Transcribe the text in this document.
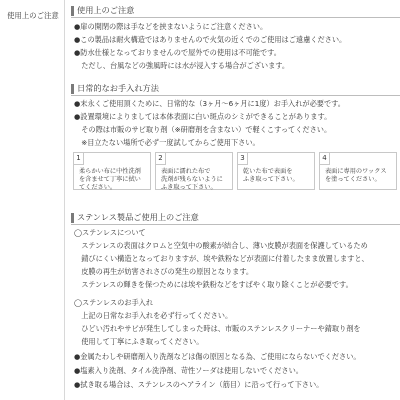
使用上のご注意
使用上のご注意
●扉の開閉の際は手などを挟まないようにご注意ください。
●この製品は耐火構造ではありませんので火気の近くでのご使用はご遠慮ください。
●防水仕様となっておりませんので屋外での使用は不可能です。
　ただし、台風などの強風時には水が浸入する場合がございます。
日常的なお手入れ方法
●末永くご使用頂くために、日常的な（3ヶ月〜6ヶ月に1度）お手入れが必要です。
●設置環境によりましては本体表面に白い斑点のシミができることがあります。
　その際は市販のサビ取り剤（※研磨剤を含まない）で軽くこすってください。
　※目立たない場所で必ず一度試してからご使用下さい。
1
柔らかい布に中性洗剤
を含ませて丁寧に拭い
てください。
2
表面に濡れた布で
洗剤が残らないように
ふき取って下さい。
3
乾いた布で表面を
ふき取って下さい。
4
表面に専用のワックス
を塗ってください。
ステンレス製品ご使用上のご注意
◯ステンレスについて
　ステンレスの表面はクロムと空気中の酸素が結合し、薄い皮膜が表面を保護しているため
　錆びにくい構造となっておりますが、埃や鉄粉などが表面に付着したまま放置しますと、
　皮膜の再生が妨害されさびの発生の原因となります。
　ステンレスの輝きを保つためには埃や鉄粉などをすばやく取り除くことが必要です。
◯ステンレスのお手入れ
　上記の日常なお手入れを必ず行ってください。
　ひどい汚れやサビが発生してしまった時は、市販のステンレスクリーナーや錆取り剤を
　使用して丁寧にふき取ってください。
●金属たわしや研磨剤入り洗剤などは傷の原因となる為、ご使用にならないでください。
●塩素入り洗剤、タイル洗浄剤、苛性ソーダは使用しないでください。
●拭き取る場合は、ステンレスのヘアライン（筋目）に沿って行って下さい。
